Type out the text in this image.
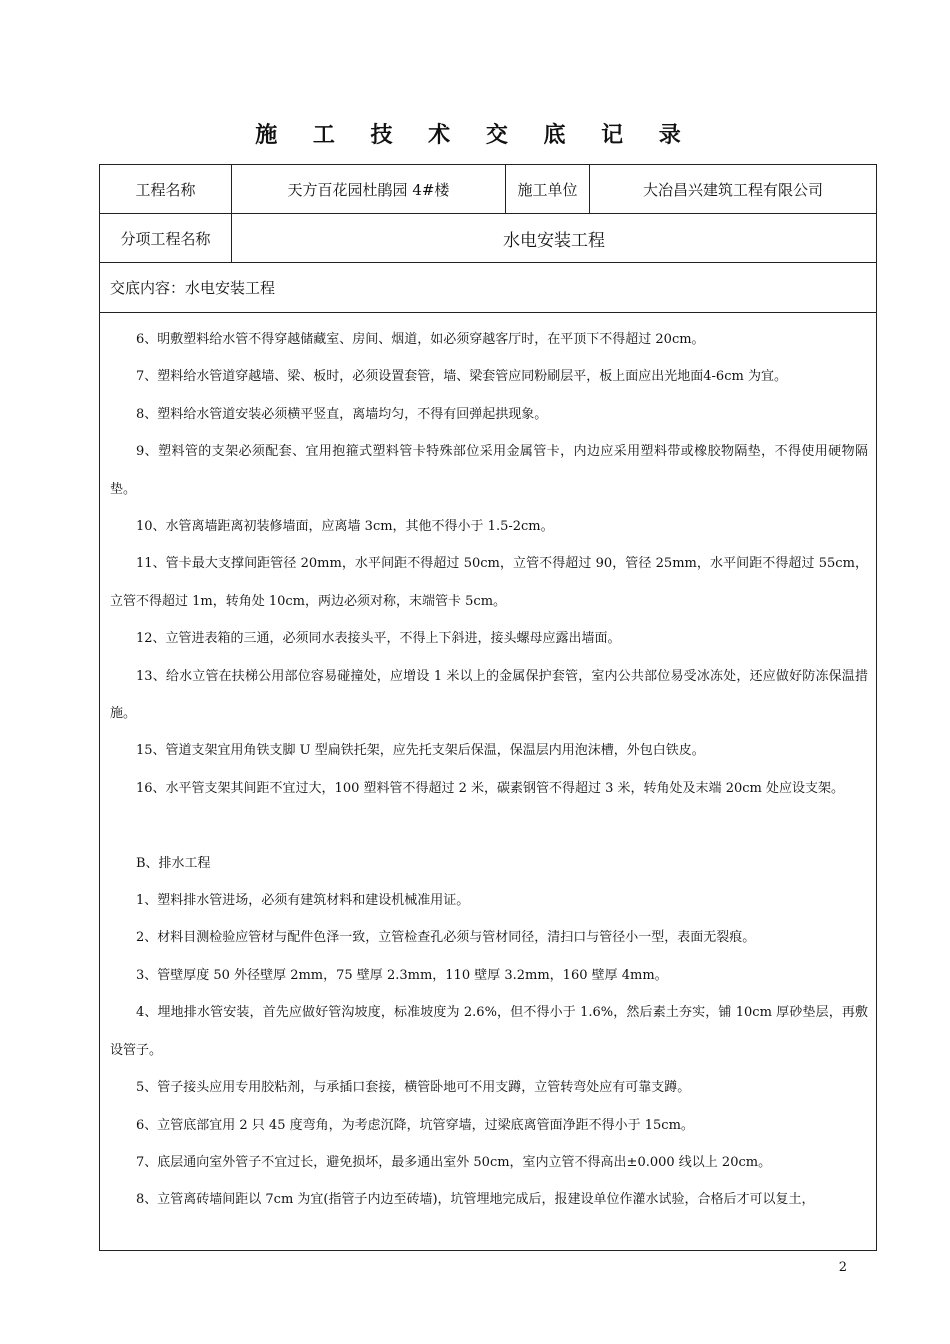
施 工 技 术 交 底 记 录
工程名称	天方百花园杜鹃园 4#楼	施工单位	大冶昌兴建筑工程有限公司
分项工程名称	水电安装工程
交底内容：水电安装工程

6、明敷塑料给水管不得穿越储藏室、房间、烟道，如必须穿越客厅时，在平顶下不得超过 20cm。

7、塑料给水管道穿越墙、梁、板时，必须设置套管，墙、梁套管应同粉刷层平，板上面应出光地面4-6cm 为宜。

8、塑料给水管道安装必须横平竖直，离墙均匀，不得有回弹起拱现象。

9、塑料管的支架必须配套、宜用抱箍式塑料管卡特殊部位采用金属管卡，内边应采用塑料带或橡胶物隔垫，不得使用硬物隔垫。

10、水管离墙距离初装修墙面，应离墙 3cm，其他不得小于 1.5-2cm。

11、管卡最大支撑间距管径 20mm，水平间距不得超过 50cm，立管不得超过 90，管径 25mm，水平间距不得超过 55cm，立管不得超过 1m，转角处 10cm，两边必须对称，末端管卡 5cm。

12、立管进表箱的三通，必须同水表接头平，不得上下斜进，接头螺母应露出墙面。

13、给水立管在扶梯公用部位容易碰撞处，应增设 1 米以上的金属保护套管，室内公共部位易受冰冻处，还应做好防冻保温措施。

15、管道支架宜用角铁支脚 U 型扁铁托架，应先托支架后保温，保温层内用泡沫槽，外包白铁皮。

16、水平管支架其间距不宜过大，100 塑料管不得超过 2 米，碳素钢管不得超过 3 米，转角处及末端 20cm 处应设支架。

B、排水工程

1、塑料排水管进场，必须有建筑材料和建设机械准用证。

2、材料目测检验应管材与配件色泽一致，立管检查孔必须与管材同径，清扫口与管径小一型，表面无裂痕。

3、管壁厚度 50 外径壁厚 2mm，75 壁厚 2.3mm，110 壁厚 3.2mm，160 壁厚 4mm。

4、埋地排水管安装，首先应做好管沟坡度，标准坡度为 2.6%，但不得小于 1.6%，然后素土夯实，铺 10cm 厚砂垫层，再敷设管子。

5、管子接头应用专用胶粘剂，与承插口套接，横管卧地可不用支蹲，立管转弯处应有可靠支蹲。

6、立管底部宜用 2 只 45 度弯角，为考虑沉降，坑管穿墙，过梁底离管面净距不得小于 15cm。

7、底层通向室外管子不宜过长，避免损坏，最多通出室外 50cm，室内立管不得高出±0.000 线以上 20cm。

8、立管离砖墙间距以 7cm 为宜(指管子内边至砖墙)，坑管埋地完成后，报建设单位作灌水试验，合格后才可以复土，

2
